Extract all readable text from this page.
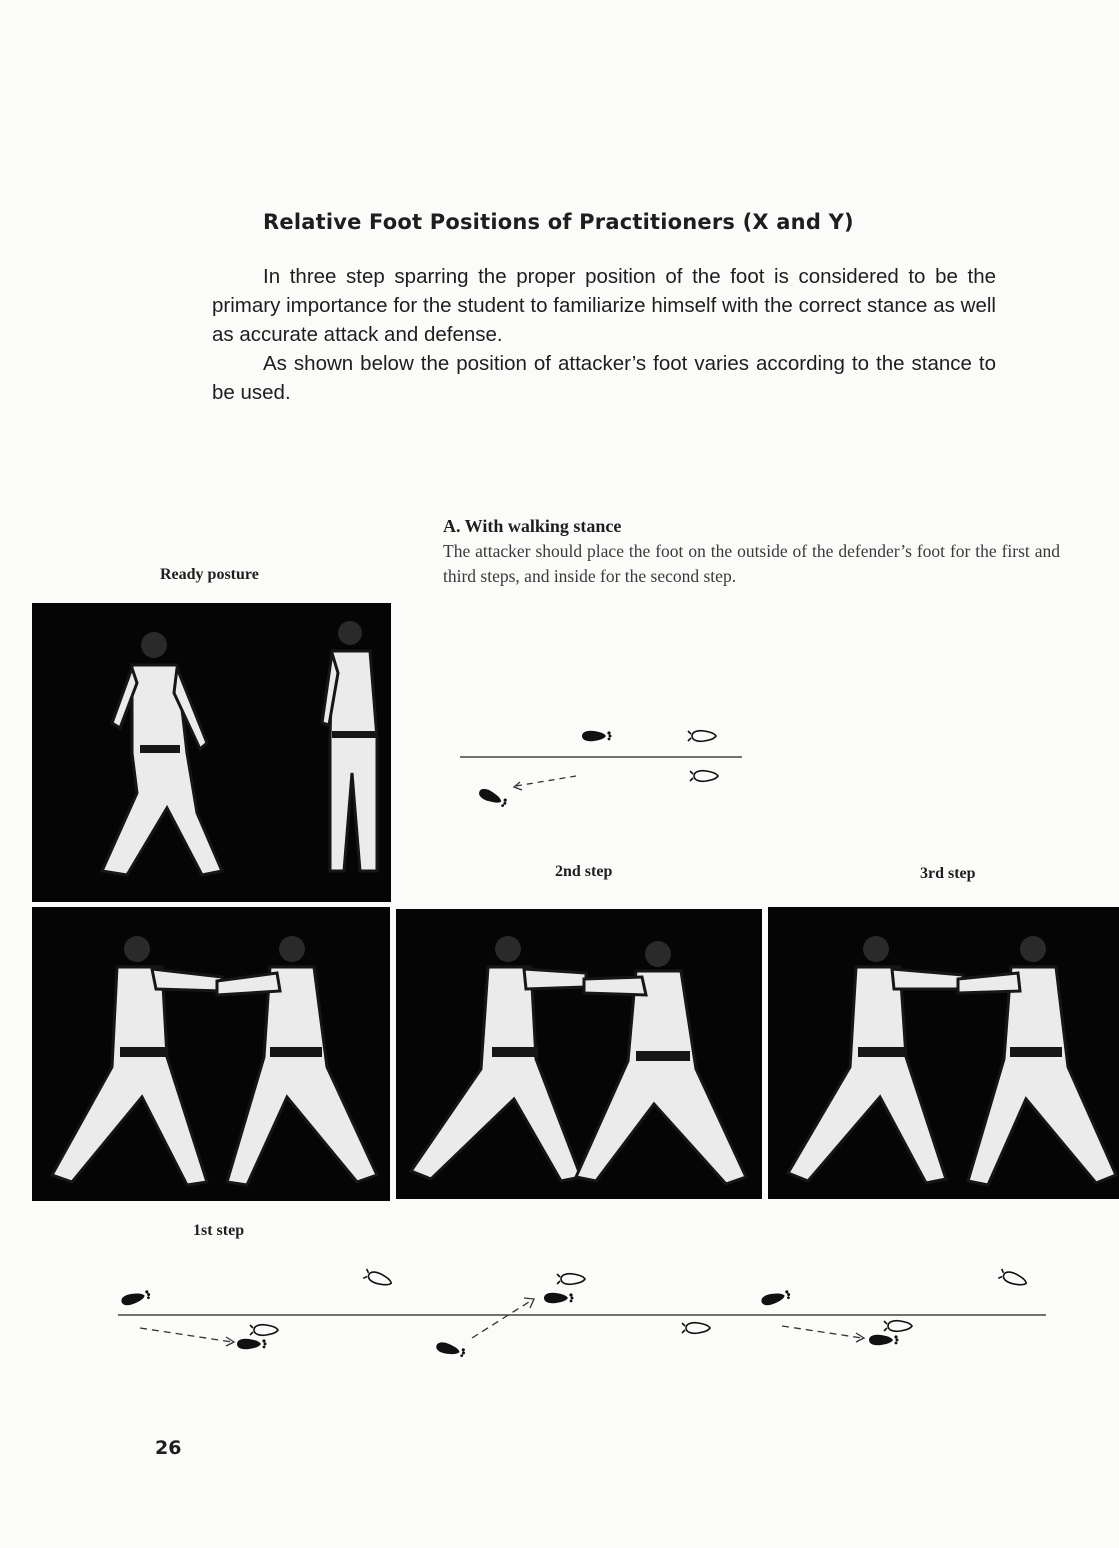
Relative Foot Positions of Practitioners (X and Y)

In three step sparring the proper position of the foot is considered to be the primary importance for the student to familiarize himself with the correct stance as well as accurate attack and defense.

As shown below the position of attacker’s foot varies according to the stance to be used.

A. With walking stance
The attacker should place the foot on the outside of the defender’s foot for the first and third steps, and inside for the second step.
Ready posture
2nd step	3rd step
1st step
26
